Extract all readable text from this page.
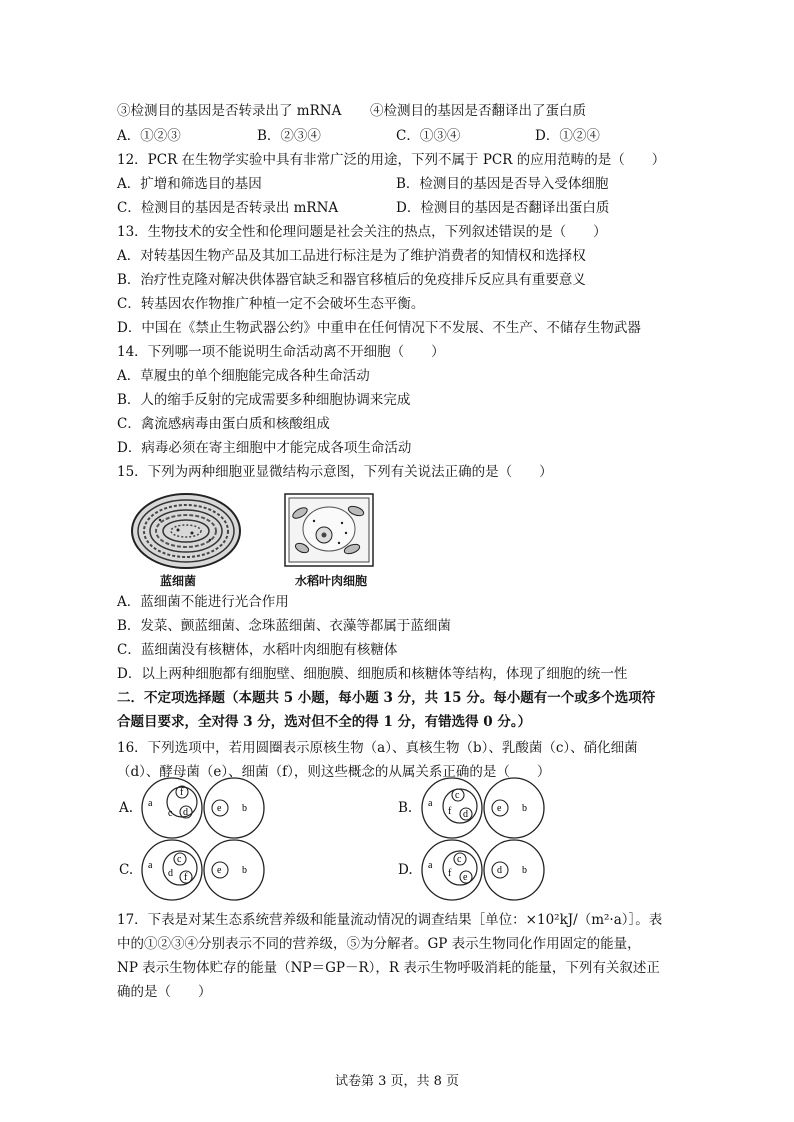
③检测目的基因是否转录出了 mRNA ④检测目的基因是否翻译出了蛋白质
A．①②③	B．②③④	C．①③④	D．①②④
12．PCR 在生物学实验中具有非常广泛的用途，下列不属于 PCR 的应用范畴的是（　　）
A．扩增和筛选目的基因	B．检测目的基因是否导入受体细胞
C．检测目的基因是否转录出 mRNA	D．检测目的基因是否翻译出蛋白质
13．生物技术的安全性和伦理问题是社会关注的热点，下列叙述错误的是（　　）
A．对转基因生物产品及其加工品进行标注是为了维护消费者的知情权和选择权
B．治疗性克隆对解决供体器官缺乏和器官移植后的免疫排斥反应具有重要意义
C．转基因农作物推广种植一定不会破坏生态平衡。
D．中国在《禁止生物武器公约》中重申在任何情况下不发展、不生产、不储存生物武器
14．下列哪一项不能说明生命活动离不开细胞（　　）
A．草履虫的单个细胞能完成各种生命活动
B．人的缩手反射的完成需要多种细胞协调来完成
C．禽流感病毒由蛋白质和核酸组成
D．病毒必须在寄主细胞中才能完成各项生命活动
15．下列为两种细胞亚显微结构示意图，下列有关说法正确的是（　　）
蓝细菌	水稻叶肉细胞
A．蓝细菌不能进行光合作用
B．发菜、颤蓝细菌、念珠蓝细菌、衣藻等都属于蓝细菌
C．蓝细菌没有核糖体，水稻叶肉细胞有核糖体
D．以上两种细胞都有细胞壁、细胞膜、细胞质和核糖体等结构，体现了细胞的统一性
二．不定项选择题（本题共 5 小题，每小题 3 分，共 15 分。每小题有一个或多个选项符
合题目要求，全对得 3 分，选对但不全的得 1 分，有错选得 0 分。）
16．下列选项中，若用圆圈表示原核生物（a）、真核生物（b）、乳酸菌（c）、硝化细菌
（d）、酵母菌（e）、细菌（f），则这些概念的从属关系正确的是（　　）
A. a
f
c d	e b	B. a
c
f d
e b
C. a
c
d f
e b	D. a
c
f e
d b
17．下表是对某生态系统营养级和能量流动情况的调查结果［单位：×10²kJ/（m²·a）］。表
中的①②③④分别表示不同的营养级，⑤为分解者。GP 表示生物同化作用固定的能量，
NP 表示生物体贮存的能量（NP＝GP－R），R 表示生物呼吸消耗的能量，下列有关叙述正
确的是（　　）
试卷第 3 页，共 8 页
